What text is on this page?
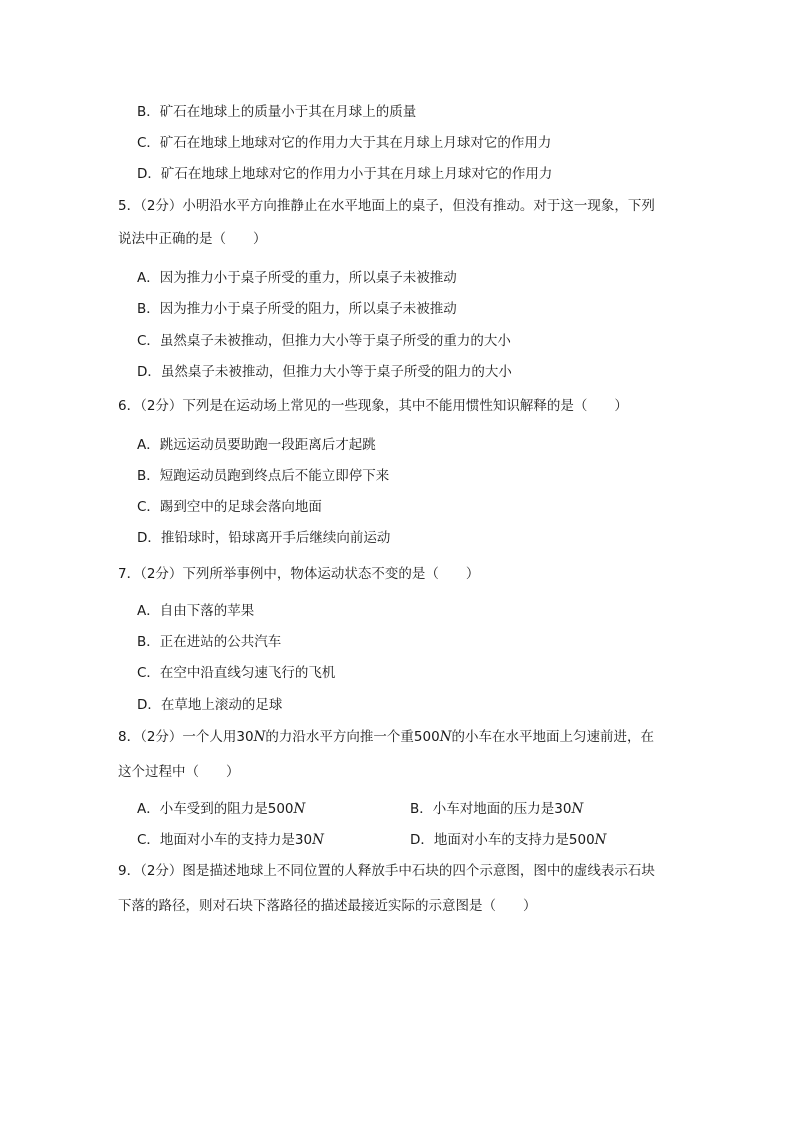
B．矿石在地球上的质量小于其在月球上的质量
C．矿石在地球上地球对它的作用力大于其在月球上月球对它的作用力
D．矿石在地球上地球对它的作用力小于其在月球上月球对它的作用力
5．（2分）小明沿水平方向推静止在水平地面上的桌子，但没有推动。对于这一现象，下列
说法中正确的是（　　）
A．因为推力小于桌子所受的重力，所以桌子未被推动
B．因为推力小于桌子所受的阻力，所以桌子未被推动
C．虽然桌子未被推动，但推力大小等于桌子所受的重力的大小
D．虽然桌子未被推动，但推力大小等于桌子所受的阻力的大小
6．（2分）下列是在运动场上常见的一些现象，其中不能用惯性知识解释的是（　　）
A．跳远运动员要助跑一段距离后才起跳
B．短跑运动员跑到终点后不能立即停下来
C．踢到空中的足球会落向地面
D．推铅球时，铅球离开手后继续向前运动
7．（2分）下列所举事例中，物体运动状态不变的是（　　）
A．自由下落的苹果
B．正在进站的公共汽车
C．在空中沿直线匀速飞行的飞机
D．在草地上滚动的足球
8．（2分）一个人用30N的力沿水平方向推一个重500N的小车在水平地面上匀速前进，在
这个过程中（　　）
A．小车受到的阻力是500N	B．小车对地面的压力是30N
C．地面对小车的支持力是30N	D．地面对小车的支持力是500N
9．（2分）图是描述地球上不同位置的人释放手中石块的四个示意图，图中的虚线表示石块
下落的路径，则对石块下落路径的描述最接近实际的示意图是（　　）
